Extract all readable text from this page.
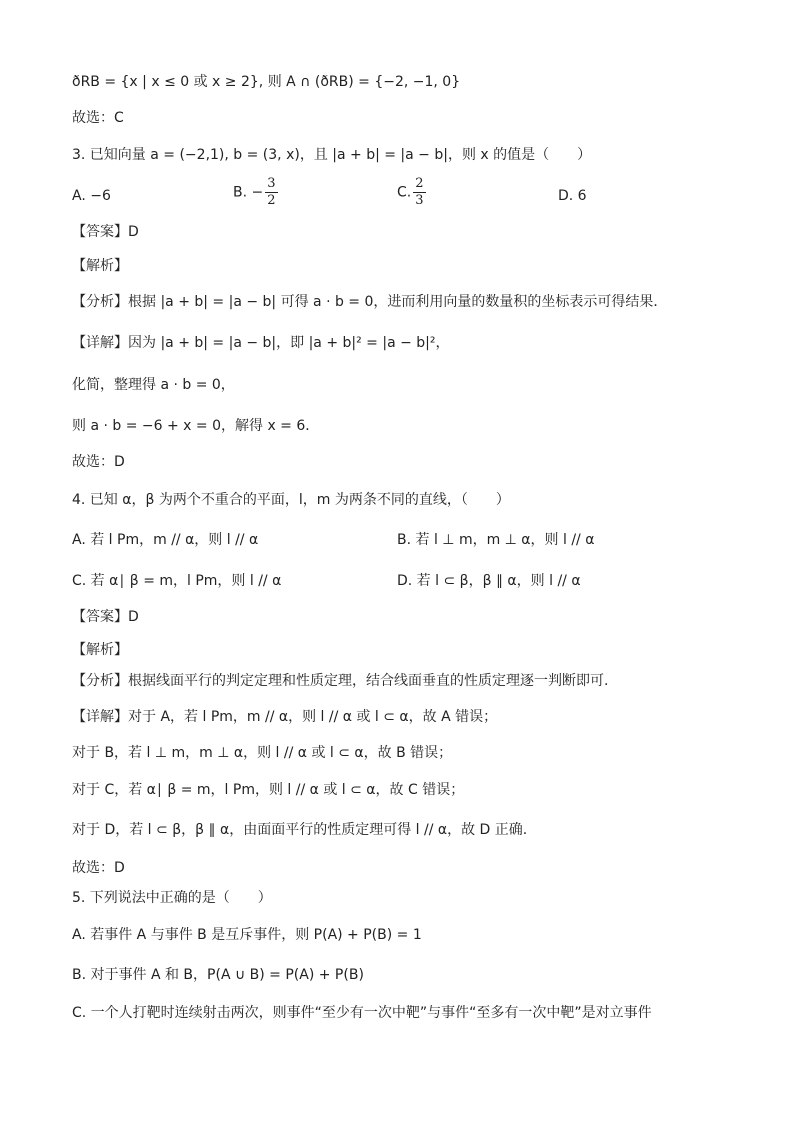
ðRB = {x | x ≤ 0 或 x ≥ 2}, 则 A ∩ (ðRB) = {−2, −1, 0}
故选：C
3. 已知向量 a = (−2,1), b = (3, x)，且 |a + b| = |a − b|，则 x 的值是（　　）
A. −6	B. − $\frac{3}{2}$	C. $\frac{2}{3}$	D. 6
【答案】D
【解析】
【分析】根据 |a + b| = |a − b| 可得 a · b = 0，进而利用向量的数量积的坐标表示可得结果．
【详解】因为 |a + b| = |a − b|，即 |a + b|² = |a − b|²，
化简，整理得 a · b = 0，
则 a · b = −6 + x = 0，解得 x = 6．
故选：D
4. 已知 α，β 为两个不重合的平面，l，m 为两条不同的直线，（　　）
A. 若 l Pm，m // α，则 l // α	B. 若 l ⊥ m，m ⊥ α，则 l // α
C. 若 α∣ β = m，l Pm，则 l // α	D. 若 l ⊂ β，β ∥ α，则 l // α
【答案】D
【解析】
【分析】根据线面平行的判定定理和性质定理，结合线面垂直的性质定理逐一判断即可.
【详解】对于 A，若 l Pm，m // α，则 l // α 或 l ⊂ α，故 A 错误；
对于 B，若 l ⊥ m，m ⊥ α，则 l // α 或 l ⊂ α，故 B 错误；
对于 C，若 α∣ β = m，l Pm，则 l // α 或 l ⊂ α，故 C 错误；
对于 D，若 l ⊂ β，β ∥ α，由面面平行的性质定理可得 l // α，故 D 正确.
故选：D
5. 下列说法中正确的是（　　）
A. 若事件 A 与事件 B 是互斥事件，则 P(A) + P(B) = 1
B. 对于事件 A 和 B，P(A ∪ B) = P(A) + P(B)
C. 一个人打靶时连续射击两次，则事件“至少有一次中靶”与事件“至多有一次中靶”是对立事件
